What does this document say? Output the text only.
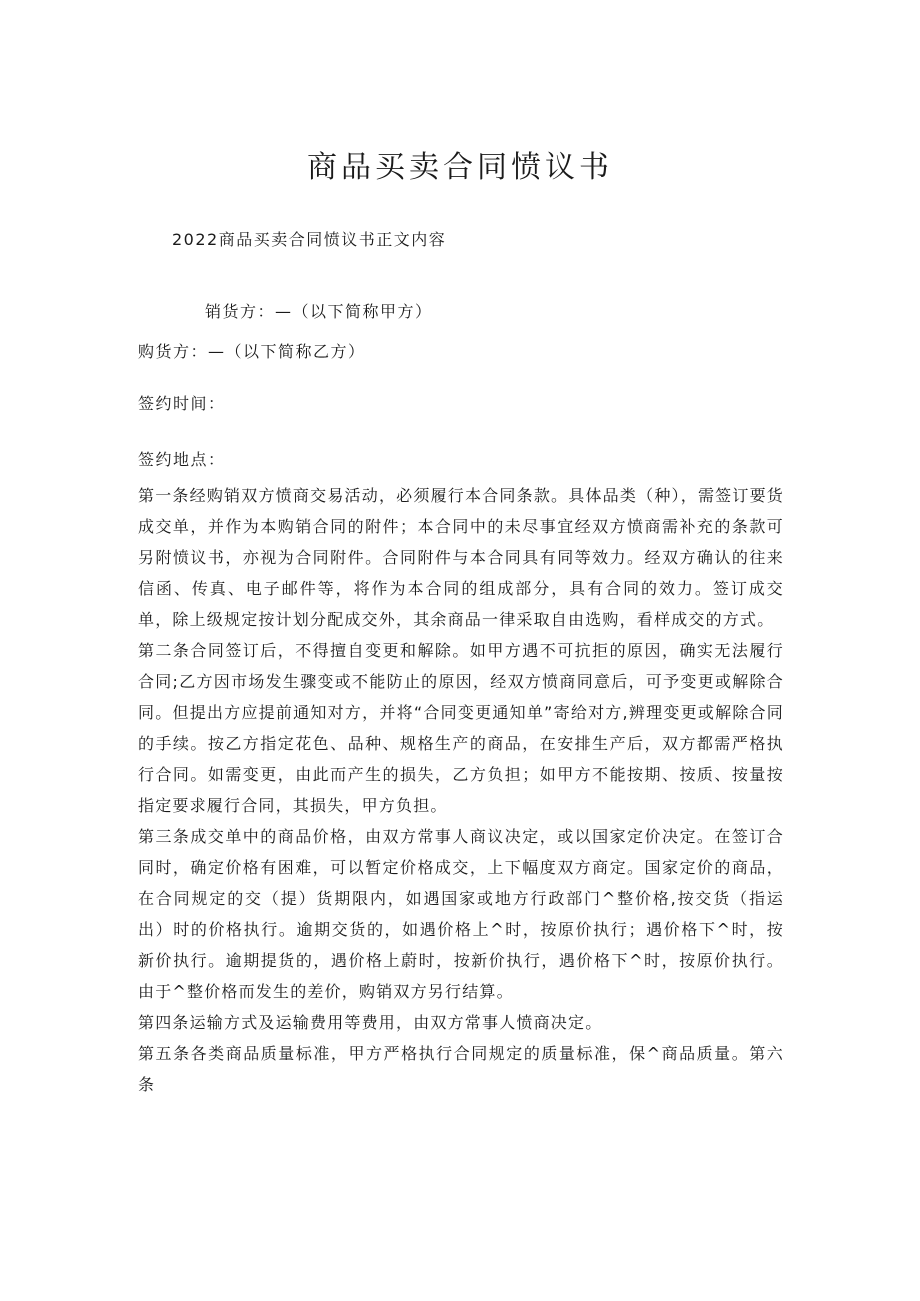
商品买卖合同愤议书
2022商品买卖合同愤议书正文内容
销货方：—（以下简称甲方）
购货方：—（以下简称乙方）
签约时间：
签约地点：

第一条经购销双方愤商交易活动，必须履行本合同条款。具体品类（种），需签订要货成交单，并作为本购销合同的附件；本合同中的未尽事宜经双方愤商需补充的条款可另附愤议书，亦视为合同附件。合同附件与本合同具有同等效力。经双方确认的往来信函、传真、电子邮件等，将作为本合同的组成部分，具有合同的效力。签订成交单，除上级规定按计划分配成交外，其余商品一律采取自由选购，看样成交的方式。

第二条合同签订后，不得擅自变更和解除。如甲方遇不可抗拒的原因，确实无法履行合同;乙方因市场发生骤变或不能防止的原因，经双方愤商同意后，可予变更或解除合同。但提出方应提前通知对方，并将“合同变更通知单”寄给对方,辨理变更或解除合同的手续。按乙方指定花色、品种、规格生产的商品，在安排生产后，双方都需严格执行合同。如需变更，由此而产生的损失，乙方负担；如甲方不能按期、按质、按量按指定要求履行合同，其损失，甲方负担。

第三条成交单中的商品价格，由双方常事人商议决定，或以国家定价决定。在签订合同时，确定价格有困难，可以暂定价格成交，上下幅度双方商定。国家定价的商品，在合同规定的交（提）货期限内，如遇国家或地方行政部门^整价格,按交货（指运出）时的价格执行。逾期交货的，如遇价格上^时，按原价执行；遇价格下^时，按新价执行。逾期提货的，遇价格上蔚时，按新价执行，遇价格下^时，按原价执行。由于^整价格而发生的差价，购销双方另行结算。

第四条运输方式及运输费用等费用，由双方常事人愤商决定。

第五条各类商品质量标准，甲方严格执行合同规定的质量标准，保^商品质量。第六条
